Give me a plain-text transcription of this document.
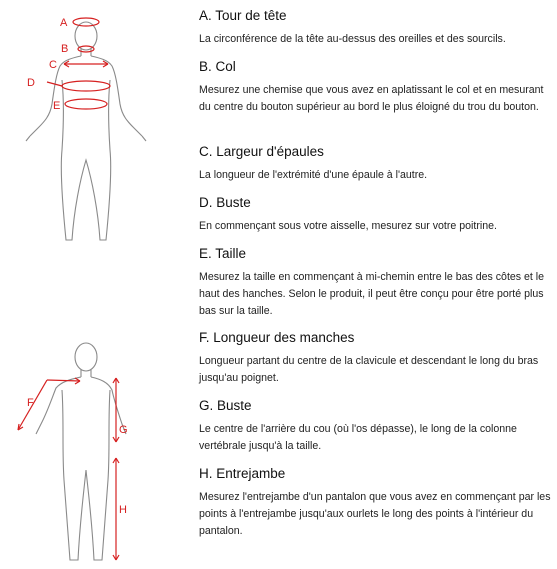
A
B
C
D
E
F
G
H
A. Tour de tête

La circonférence de la tête au-dessus des oreilles et des sourcils.

B. Col

Mesurez une chemise que vous avez en aplatissant le col et en mesurant du centre du bouton supérieur au bord le plus éloigné du trou du bouton.

C. Largeur d'épaules

La longueur de l'extrémité d'une épaule à l'autre.

D. Buste

En commençant sous votre aisselle, mesurez sur votre poitrine.

E. Taille

Mesurez la taille en commençant à mi-chemin entre le bas des côtes et le haut des hanches. Selon le produit, il peut être conçu pour être porté plus bas sur la taille.

F. Longueur des manches

Longueur partant du centre de la clavicule et descendant le long du bras jusqu'au poignet.

G. Buste

Le centre de l'arrière du cou (où l'os dépasse), le long de la colonne vertébrale jusqu'à la taille.

H. Entrejambe

Mesurez l'entrejambe d'un pantalon que vous avez en commençant par les points à l'entrejambe jusqu'aux ourlets le long des points à l'intérieur du pantalon.
